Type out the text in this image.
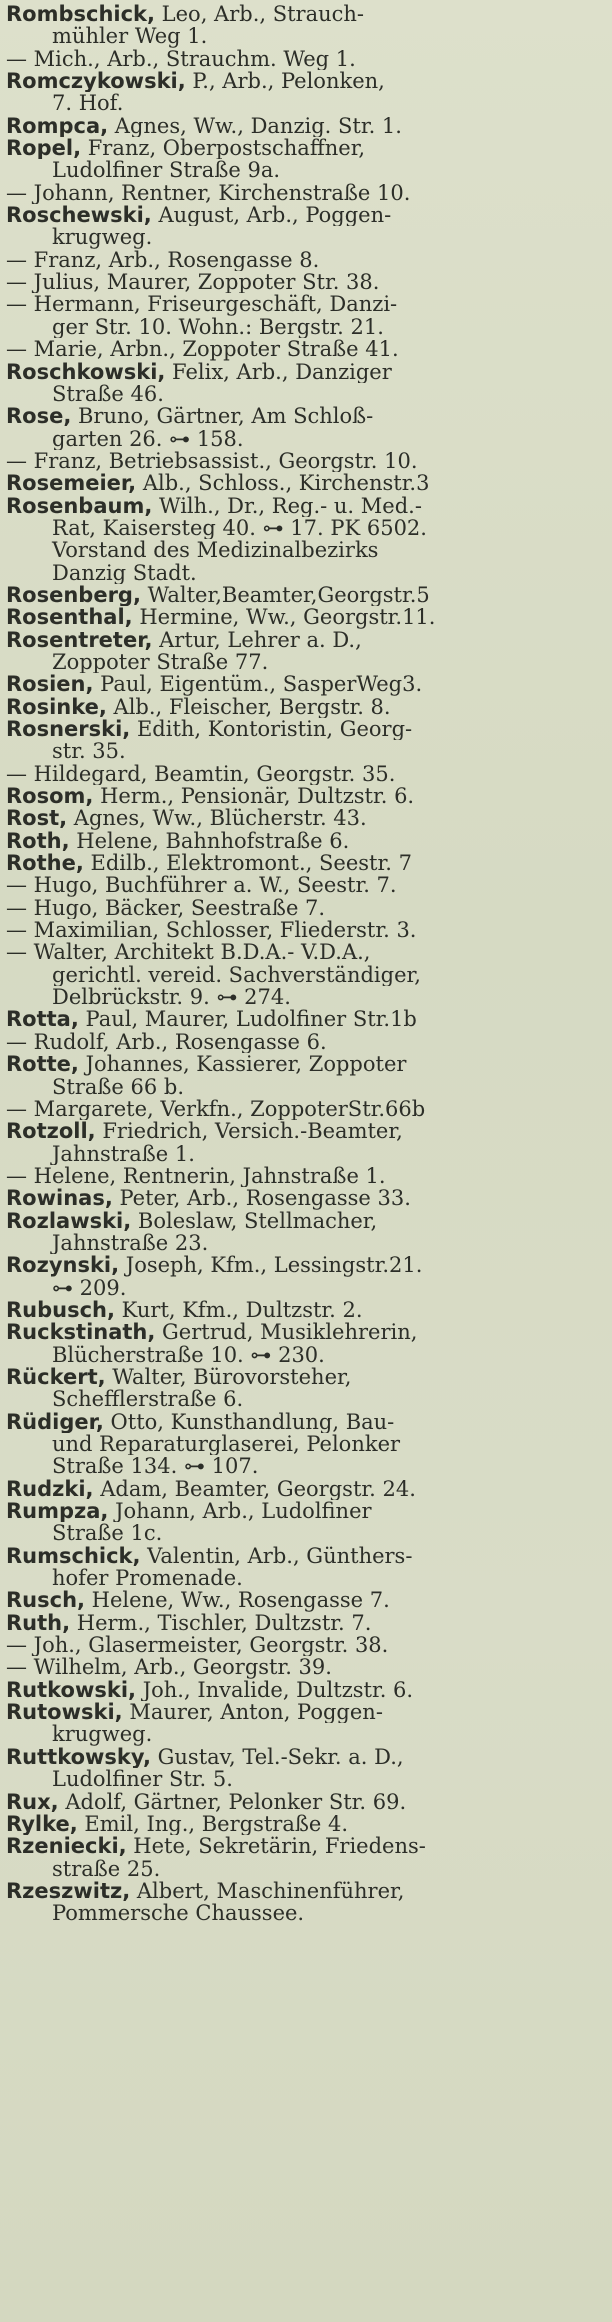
Rombschick, Leo, Arb., Strauch-
mühler Weg 1.
— Mich., Arb., Strauchm. Weg 1.
Romczykowski, P., Arb., Pelonken,
7. Hof.
Rompca, Agnes, Ww., Danzig. Str. 1.
Ropel, Franz, Oberpostschaffner,
Ludolfiner Straße 9a.
— Johann, Rentner, Kirchenstraße 10.
Roschewski, August, Arb., Poggen-
krugweg.
— Franz, Arb., Rosengasse 8.
— Julius, Maurer, Zoppoter Str. 38.
— Hermann, Friseurgeschäft, Danzi-
ger Str. 10. Wohn.: Bergstr. 21.
— Marie, Arbn., Zoppoter Straße 41.
Roschkowski, Felix, Arb., Danziger
Straße 46.
Rose, Bruno, Gärtner, Am Schloß-
garten 26. ⊶ 158.
— Franz, Betriebsassist., Georgstr. 10.
Rosemeier, Alb., Schloss., Kirchenstr.3
Rosenbaum, Wilh., Dr., Reg.- u. Med.-
Rat, Kaisersteg 40. ⊶ 17. PK 6502.
Vorstand des Medizinalbezirks
Danzig Stadt.
Rosenberg, Walter,Beamter,Georgstr.5
Rosenthal, Hermine, Ww., Georgstr.11.
Rosentreter, Artur, Lehrer a. D.,
Zoppoter Straße 77.
Rosien, Paul, Eigentüm., SasperWeg3.
Rosinke, Alb., Fleischer, Bergstr. 8.
Rosnerski, Edith, Kontoristin, Georg-
str. 35.
— Hildegard, Beamtin, Georgstr. 35.
Rosom, Herm., Pensionär, Dultzstr. 6.
Rost, Agnes, Ww., Blücherstr. 43.
Roth, Helene, Bahnhofstraße 6.
Rothe, Edilb., Elektromont., Seestr. 7
— Hugo, Buchführer a. W., Seestr. 7.
— Hugo, Bäcker, Seestraße 7.
— Maximilian, Schlosser, Fliederstr. 3.
— Walter, Architekt B.D.A.- V.D.A.,
gerichtl. vereid. Sachverständiger,
Delbrückstr. 9. ⊶ 274.
Rotta, Paul, Maurer, Ludolfiner Str.1b
— Rudolf, Arb., Rosengasse 6.
Rotte, Johannes, Kassierer, Zoppoter
Straße 66 b.
— Margarete, Verkfn., ZoppoterStr.66b
Rotzoll, Friedrich, Versich.-Beamter,
Jahnstraße 1.
— Helene, Rentnerin, Jahnstraße 1.
Rowinas, Peter, Arb., Rosengasse 33.
Rozlawski, Boleslaw, Stellmacher,
Jahnstraße 23.
Rozynski, Joseph, Kfm., Lessingstr.21.
⊶ 209.
Rubusch, Kurt, Kfm., Dultzstr. 2.
Ruckstinath, Gertrud, Musiklehrerin,
Blücherstraße 10. ⊶ 230.
Rückert, Walter, Bürovorsteher,
Schefflerstraße 6.
Rüdiger, Otto, Kunsthandlung, Bau-
und Reparaturglaserei, Pelonker
Straße 134. ⊶ 107.
Rudzki, Adam, Beamter, Georgstr. 24.
Rumpza, Johann, Arb., Ludolfiner
Straße 1c.
Rumschick, Valentin, Arb., Günthers-
hofer Promenade.
Rusch, Helene, Ww., Rosengasse 7.
Ruth, Herm., Tischler, Dultzstr. 7.
— Joh., Glasermeister, Georgstr. 38.
— Wilhelm, Arb., Georgstr. 39.
Rutkowski, Joh., Invalide, Dultzstr. 6.
Rutowski, Maurer, Anton, Poggen-
krugweg.
Ruttkowsky, Gustav, Tel.-Sekr. a. D.,
Ludolfiner Str. 5.
Rux, Adolf, Gärtner, Pelonker Str. 69.
Rylke, Emil, Ing., Bergstraße 4.
Rzeniecki, Hete, Sekretärin, Friedens-
straße 25.
Rzeszwitz, Albert, Maschinenführer,
Pommersche Chaussee.
